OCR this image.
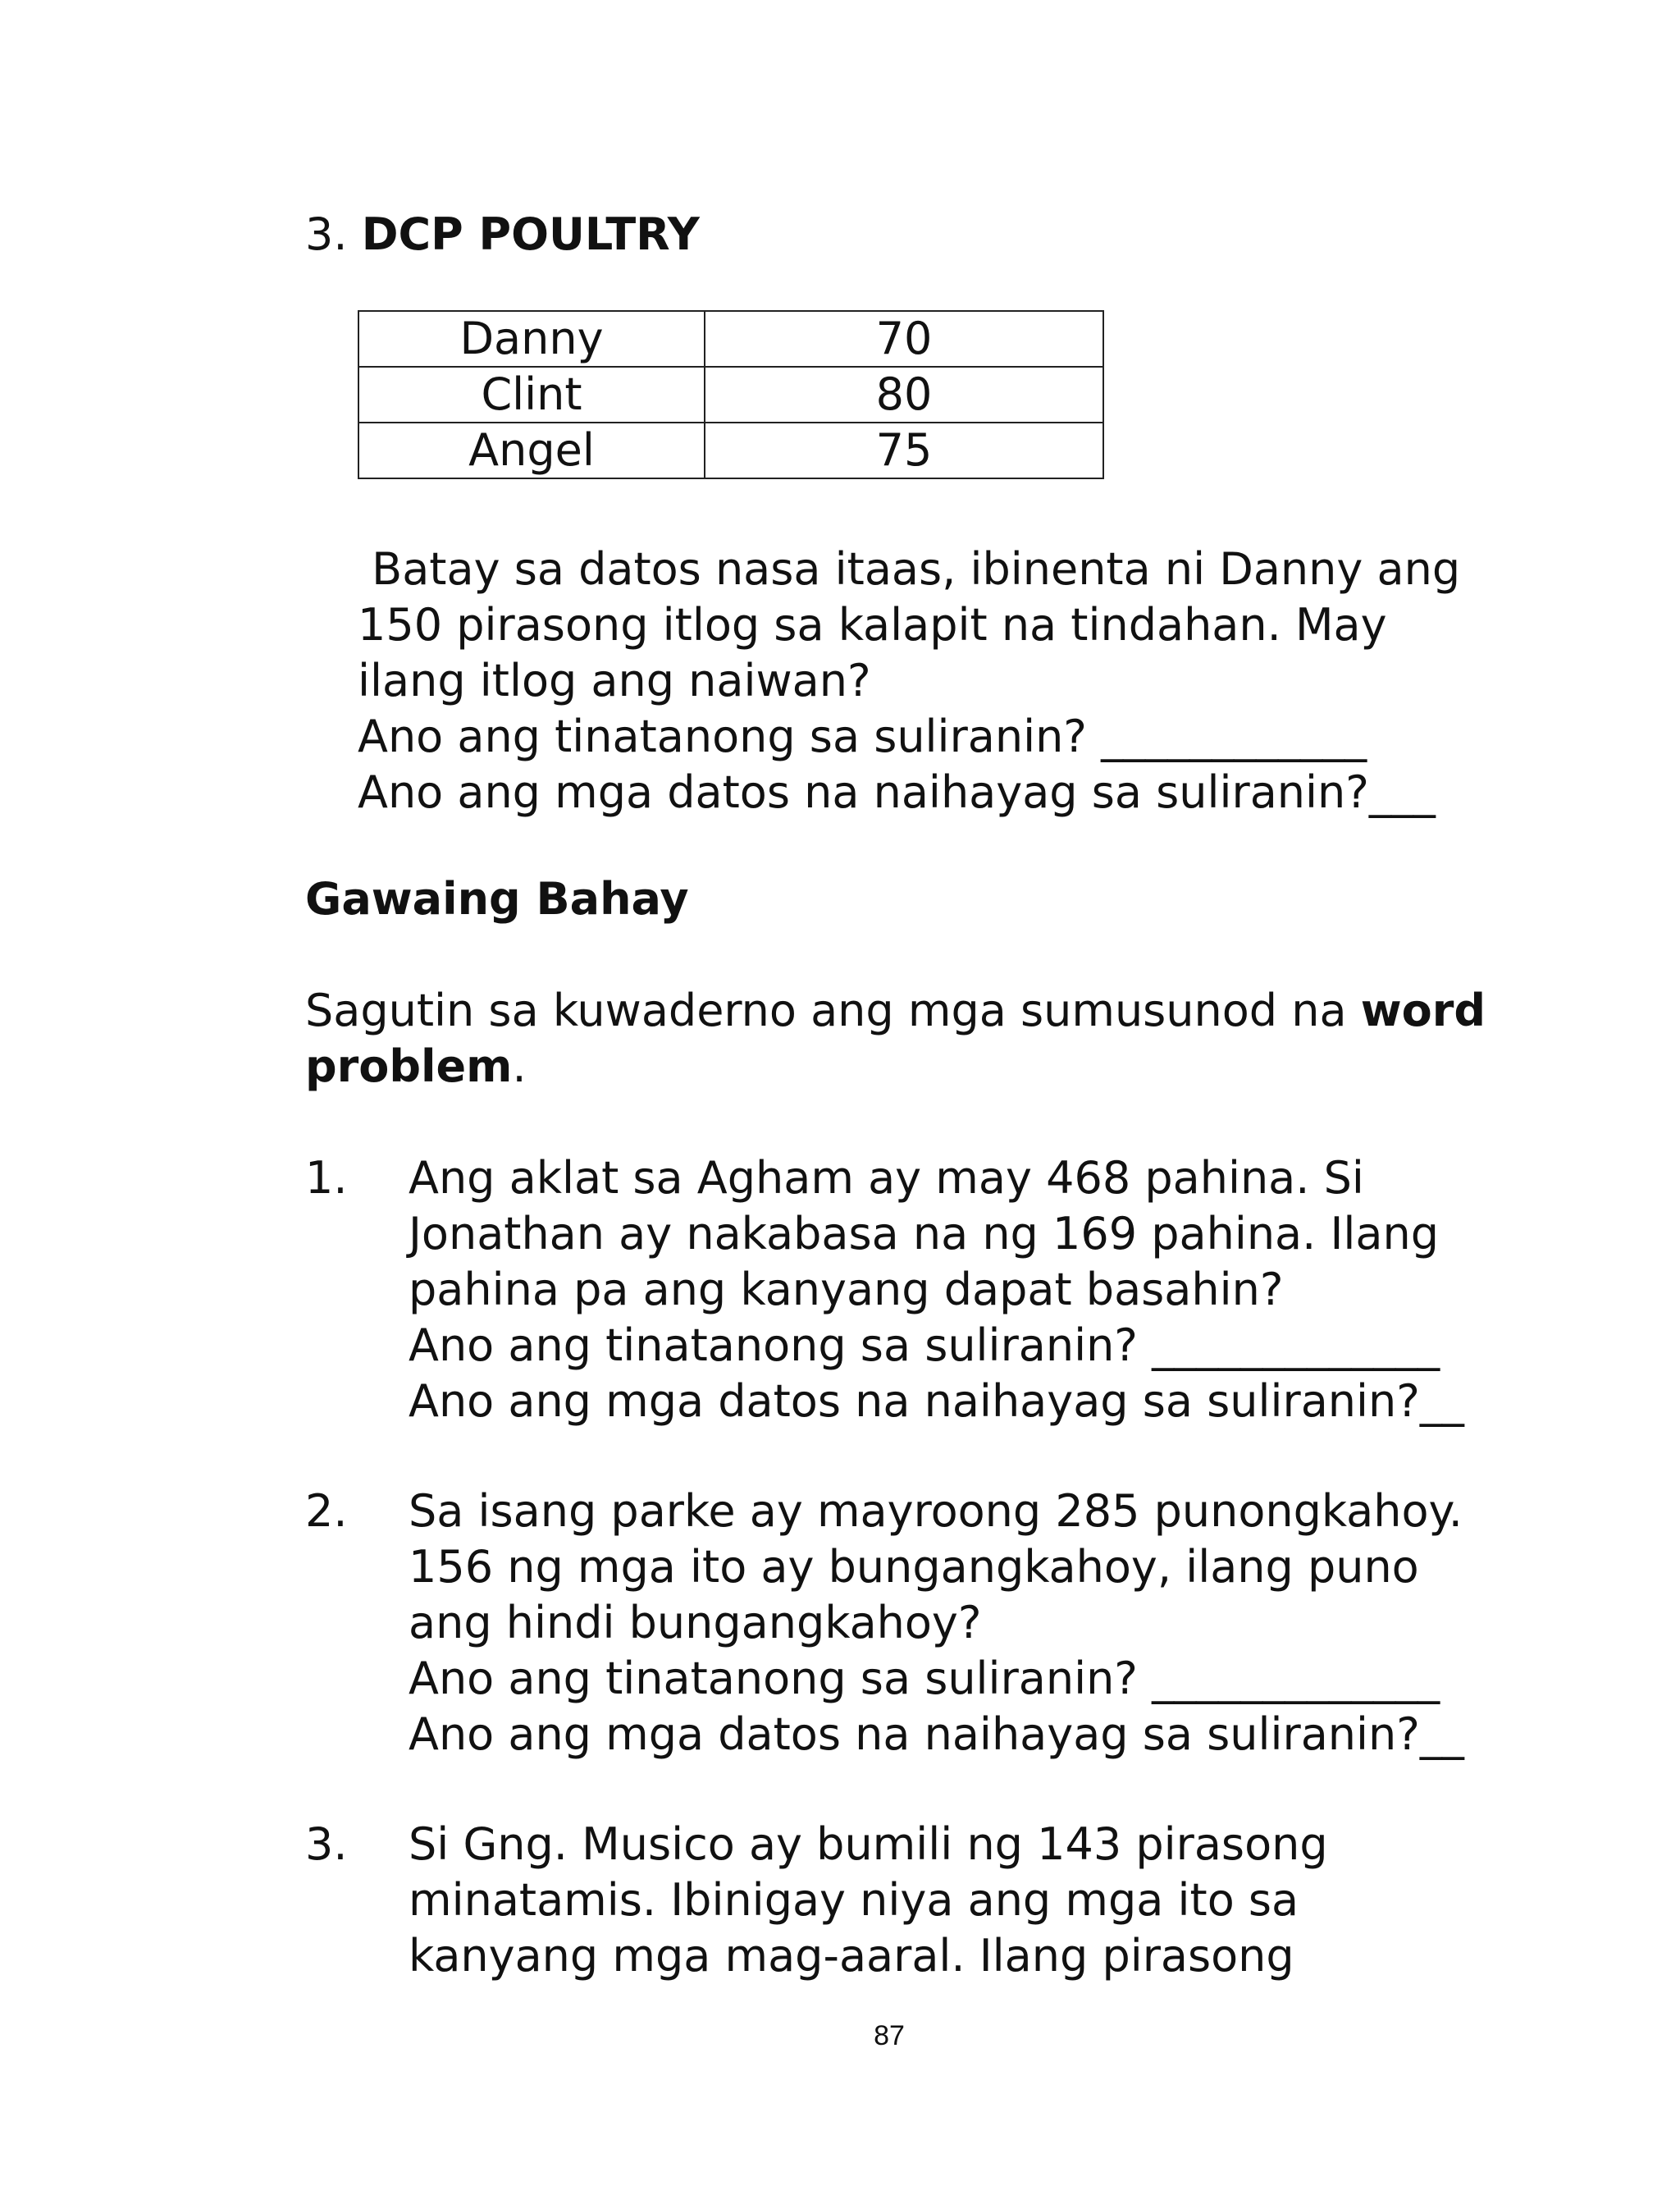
3. DCP POULTRY
Danny	70
Clint	80
Angel	75
Batay sa datos nasa itaas, ibinenta ni Danny ang
150 pirasong itlog sa kalapit na tindahan. May
ilang itlog ang naiwan?
Ano ang tinatanong sa suliranin? ____________
Ano ang mga datos na naihayag sa suliranin?___
Gawaing Bahay
Sagutin sa kuwaderno ang mga sumusunod na word
problem.
1. Ang aklat sa Agham ay may 468 pahina. Si
Jonathan ay nakabasa na ng 169 pahina. Ilang
pahina pa ang kanyang dapat basahin?
Ano ang tinatanong sa suliranin? _____________
Ano ang mga datos na naihayag sa suliranin?__
2. Sa isang parke ay mayroong 285 punongkahoy.
156 ng mga ito ay bungangkahoy, ilang puno
ang hindi bungangkahoy?
Ano ang tinatanong sa suliranin? _____________
Ano ang mga datos na naihayag sa suliranin?__
3. Si Gng. Musico ay bumili ng 143 pirasong
minatamis. Ibinigay niya ang mga ito sa
kanyang mga mag-aaral. Ilang pirasong
87
